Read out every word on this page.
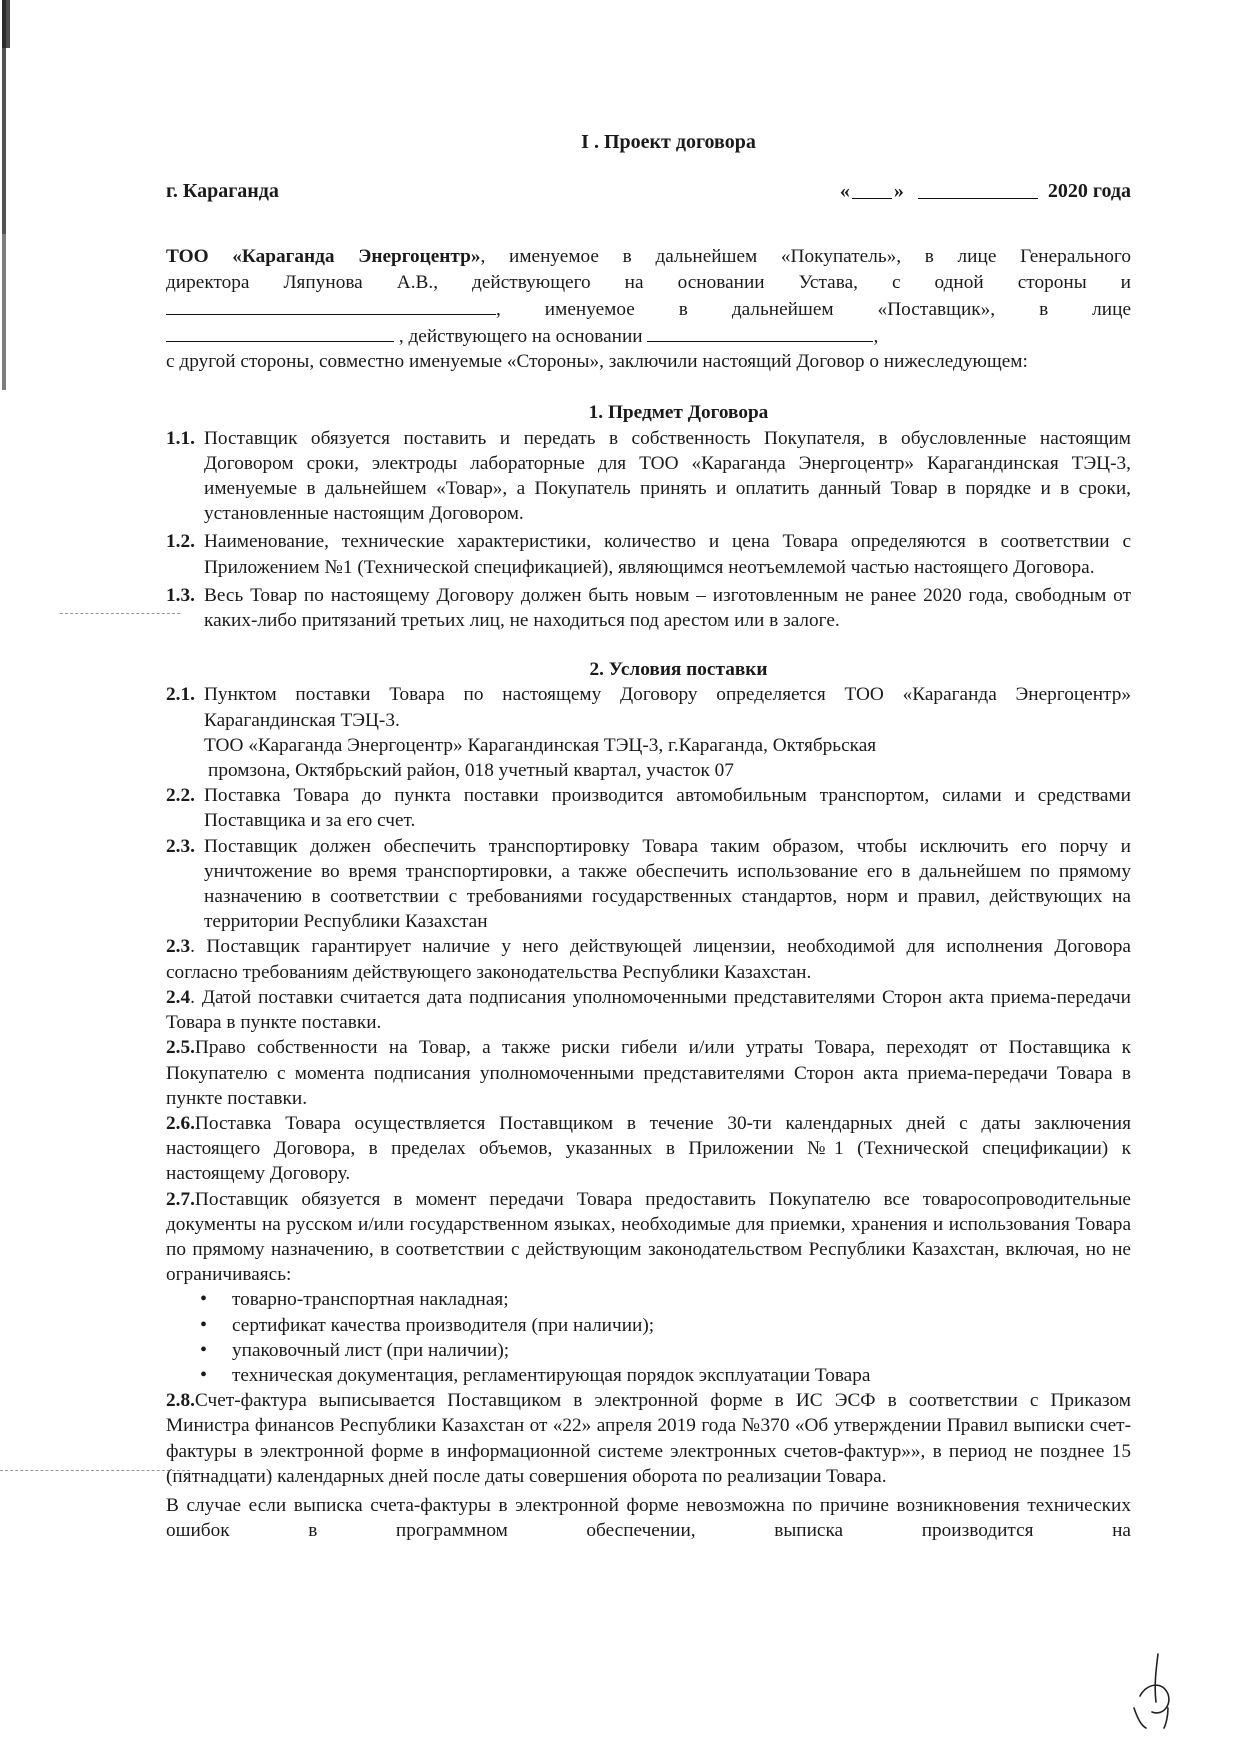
I . Проект договора
г. Караганда	« »	2020 года

ТОО «Караганда Энергоцентр», именуемое в дальнейшем «Покупатель», в лице Генерального

директора Ляпунова А.В., действующего на основании Устава, с одной стороны и

, именуемое в дальнейшем «Поставщик», в лице

, действующего на основании	,

с другой стороны, совместно именуемые «Стороны», заключили настоящий Договор о нижеследующем:

1. Предмет Договора
1.1. Поставщик обязуется поставить и передать в собственность Покупателя, в обусловленные настоящим Договором сроки, электроды лабораторные для ТОО «Караганда Энергоцентр» Карагандинская ТЭЦ-3, именуемые в дальнейшем «Товар», а Покупатель принять и оплатить данный Товар в порядке и в сроки, установленные настоящим Договором.
1.2. Наименование, технические характеристики, количество и цена Товара определяются в соответствии с Приложением №1 (Технической спецификацией), являющимся неотъемлемой частью настоящего Договора.
1.3. Весь Товар по настоящему Договору должен быть новым – изготовленным не ранее 2020 года, свободным от каких-либо притязаний третьих лиц, не находиться под арестом или в залоге.
2. Условия поставки
2.1. Пунктом поставки Товара по настоящему Договору определяется ТОО «Караганда Энергоцентр» Карагандинская ТЭЦ-3.

ТОО «Караганда Энергоцентр» Карагандинская ТЭЦ-3, г.Караганда, Октябрьская

промзона, Октябрьский район, 018 учетный квартал, участок 07

2.2. Поставка Товара до пункта поставки производится автомобильным транспортом, силами и средствами Поставщика и за его счет.
2.3. Поставщик должен обеспечить транспортировку Товара таким образом, чтобы исключить его порчу и уничтожение во время транспортировки, а также обеспечить использование его в дальнейшем по прямому назначению в соответствии с требованиями государственных стандартов, норм и правил, действующих на территории Республики Казахстан

2.3. Поставщик гарантирует наличие у него действующей лицензии, необходимой для исполнения Договора согласно требованиям действующего законодательства Республики Казахстан.

2.4. Датой поставки считается дата подписания уполномоченными представителями Сторон акта приема-передачи Товара в пункте поставки.

2.5.Право собственности на Товар, а также риски гибели и/или утраты Товара, переходят от Поставщика к Покупателю с момента подписания уполномоченными представителями Сторон акта приема-передачи Товара в пункте поставки.

2.6.Поставка Товара осуществляется Поставщиком в течение 30-ти календарных дней с даты заключения настоящего Договора, в пределах объемов, указанных в Приложении №1 (Технической спецификации) к настоящему Договору.

2.7.Поставщик обязуется в момент передачи Товара предоставить Покупателю все товаросопроводительные документы на русском и/или государственном языках, необходимые для приемки, хранения и использования Товара по прямому назначению, в соответствии с действующим законодательством Республики Казахстан, включая, но не ограничиваясь:

• товарно-транспортная накладная;
• сертификат качества производителя (при наличии);
• упаковочный лист (при наличии);
• техническая документация, регламентирующая порядок эксплуатации Товара

2.8.Счет-фактура выписывается Поставщиком в электронной форме в ИС ЭСФ в соответствии с Приказом Министра финансов Республики Казахстан от «22» апреля 2019 года №370 «Об утверждении Правил выписки счет-фактуры в электронной форме в информационной системе электронных счетов-фактур»», в период не позднее 15 (пятнадцати) календарных дней после даты совершения оборота по реализации Товара.

В случае если выписка счета-фактуры в электронной форме невозможна по причине возникновения технических ошибок в программном обеспечении, выписка производится на
